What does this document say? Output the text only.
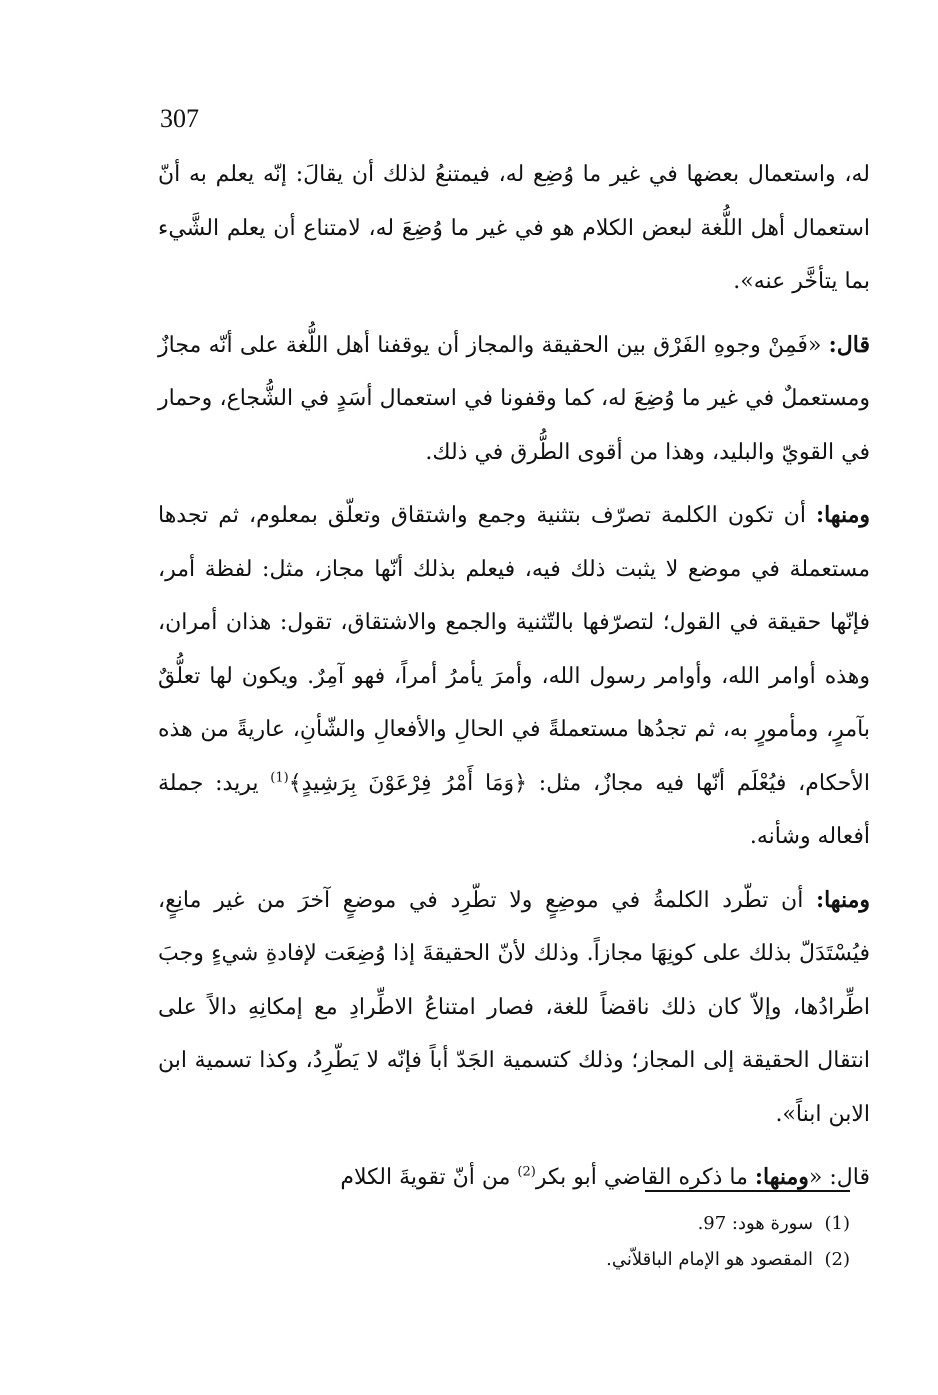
307

له، واستعمال بعضها في غير ما وُضِع له، فيمتنعُ لذلك أن يقالَ: إنّه يعلم به أنّ استعمال أهل اللُّغة لبعض الكلام هو في غير ما وُضِعَ له، لامتناع أن يعلم الشَّيء بما يتأخَّر عنه».

قال: «فَمِنْ وجوهِ الفَرْق بين الحقيقة والمجاز أن يوقفنا أهل اللُّغة على أنّه مجازٌ ومستعملٌ في غير ما وُضِعَ له، كما وقفونا في استعمال أسَدٍ في الشُّجاع، وحمار في القويّ والبليد، وهذا من أقوى الطُّرق في ذلك.

ومنها: أن تكون الكلمة تصرّف بتثنية وجمع واشتقاق وتعلّق بمعلوم، ثم تجدها مستعملة في موضع لا يثبت ذلك فيه، فيعلم بذلك أنّها مجاز، مثل: لفظة أمر، فإنّها حقيقة في القول؛ لتصرّفها بالتّثنية والجمع والاشتقاق، تقول: هذان أمران، وهذه أوامر الله، وأوامر رسول الله، وأمرَ يأمرُ أمراً، فهو آمِرٌ. ويكون لها تعلُّقٌ بآمرٍ، ومأمورٍ به، ثم تجدُها مستعملةً في الحالِ والأفعالِ والشّأنِ، عاريةً من هذه الأحكام، فيُعْلَم أنّها فيه مجازٌ، مثل: ﴿وَمَا أَمْرُ فِرْعَوْنَ بِرَشِيدٍ﴾$^{(1)}$ يريد: جملة أفعاله وشأنه.

ومنها: أن تطّرد الكلمةُ في موضِعٍ ولا تطّرِد في موضعٍ آخرَ من غير مانِعٍ، فيُسْتَدَلّ بذلك على كونِهَا مجازاً. وذلك لأنّ الحقيقةَ إذا وُضِعَت لإفادةِ شيءٍ وجبَ اطِّرادُها، وإلاّ كان ذلك ناقضاً للغة، فصار امتناعُ الاطِّرادِ مع إمكانِهِ دالاً على انتقال الحقيقة إلى المجاز؛ وذلك كتسمية الجَدّ أباً فإنّه لا يَطّرِدُ، وكذا تسمية ابن الابن ابناً».

قال: «ومنها: ما ذكره القاضي أبو بكر$^{(2)}$ من أنّ تقويةَ الكلام

(1)  سورة هود: 97.

(2)  المقصود هو الإمام الباقلاّني.
